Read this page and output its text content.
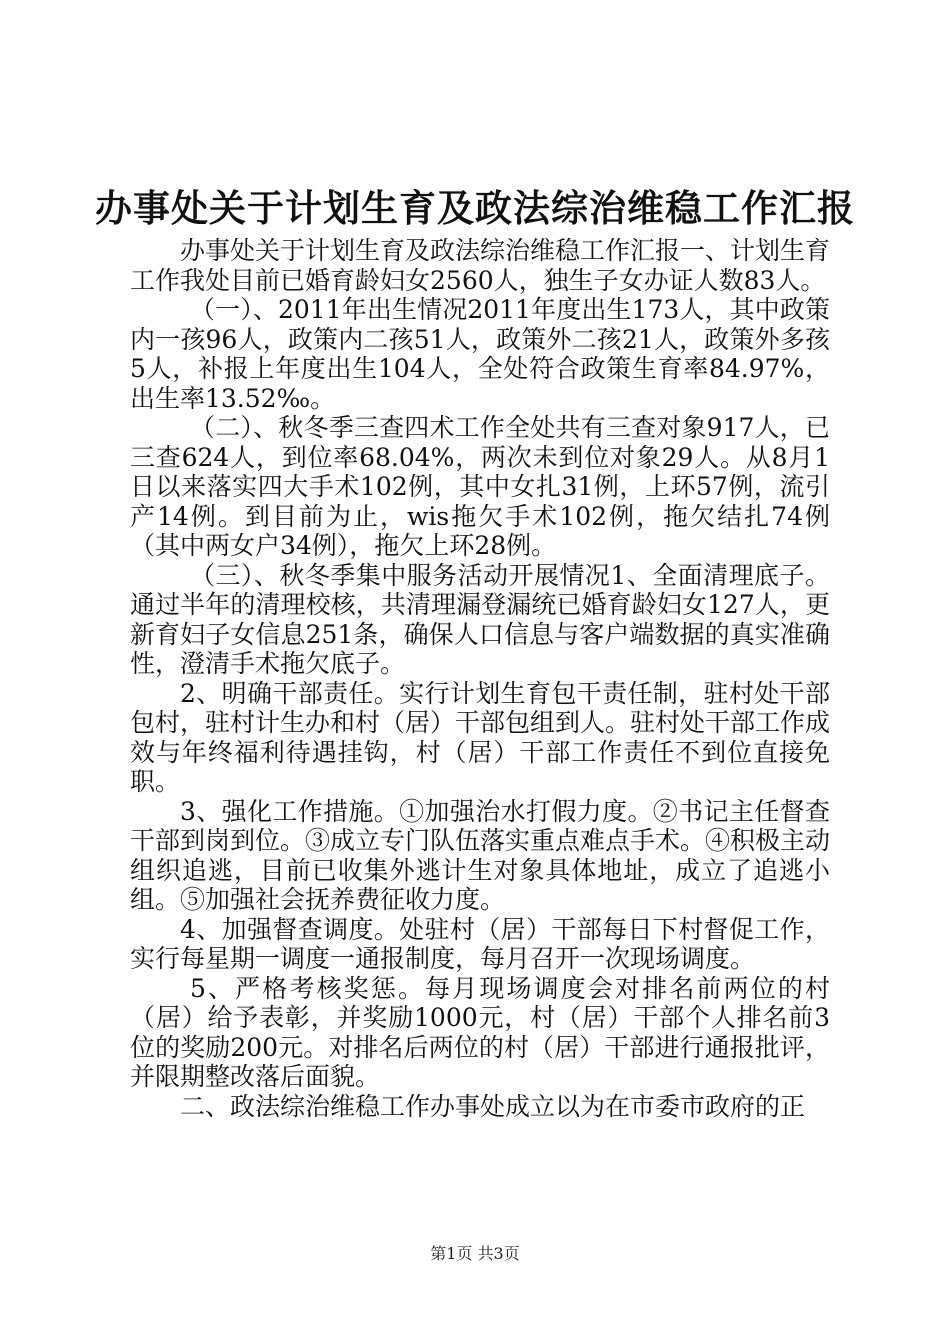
办事处关于计划生育及政法综治维稳工作汇报

办事处关于计划生育及政法综治维稳工作汇报一、计划生育工作我处目前已婚育龄妇女2560人，独生子女办证人数83人。

（一）、2011年出生情况2011年度出生173人，其中政策内一孩96人，政策内二孩51人，政策外二孩21人，政策外多孩5人，补报上年度出生104人，全处符合政策生育率84.97%，出生率13.52‰。

（二）、秋冬季三查四术工作全处共有三查对象917人，已三查624人，到位率68.04%，两次未到位对象29人。从8月1日以来落实四大手术102例，其中女扎31例，上环57例，流引产14例。到目前为止，wis拖欠手术102例，拖欠结扎74例（其中两女户34例），拖欠上环28例。

（三）、秋冬季集中服务活动开展情况1、全面清理底子。通过半年的清理校核，共清理漏登漏统已婚育龄妇女127人，更新育妇子女信息251条，确保人口信息与客户端数据的真实准确性，澄清手术拖欠底子。

2、明确干部责任。实行计划生育包干责任制，驻村处干部包村，驻村计生办和村（居）干部包组到人。驻村处干部工作成效与年终福利待遇挂钩，村（居）干部工作责任不到位直接免职。

3、强化工作措施。①加强治水打假力度。②书记主任督查干部到岗到位。③成立专门队伍落实重点难点手术。④积极主动组织追逃，目前已收集外逃计生对象具体地址，成立了追逃小组。⑤加强社会抚养费征收力度。

4、加强督查调度。处驻村（居）干部每日下村督促工作，实行每星期一调度一通报制度，每月召开一次现场调度。

5、严格考核奖惩。每月现场调度会对排名前两位的村（居）给予表彰，并奖励1000元，村（居）干部个人排名前3位的奖励200元。对排名后两位的村（居）干部进行通报批评，并限期整改落后面貌。

二、政法综治维稳工作办事处成立以为在市委市政府的正

第1页 共3页
